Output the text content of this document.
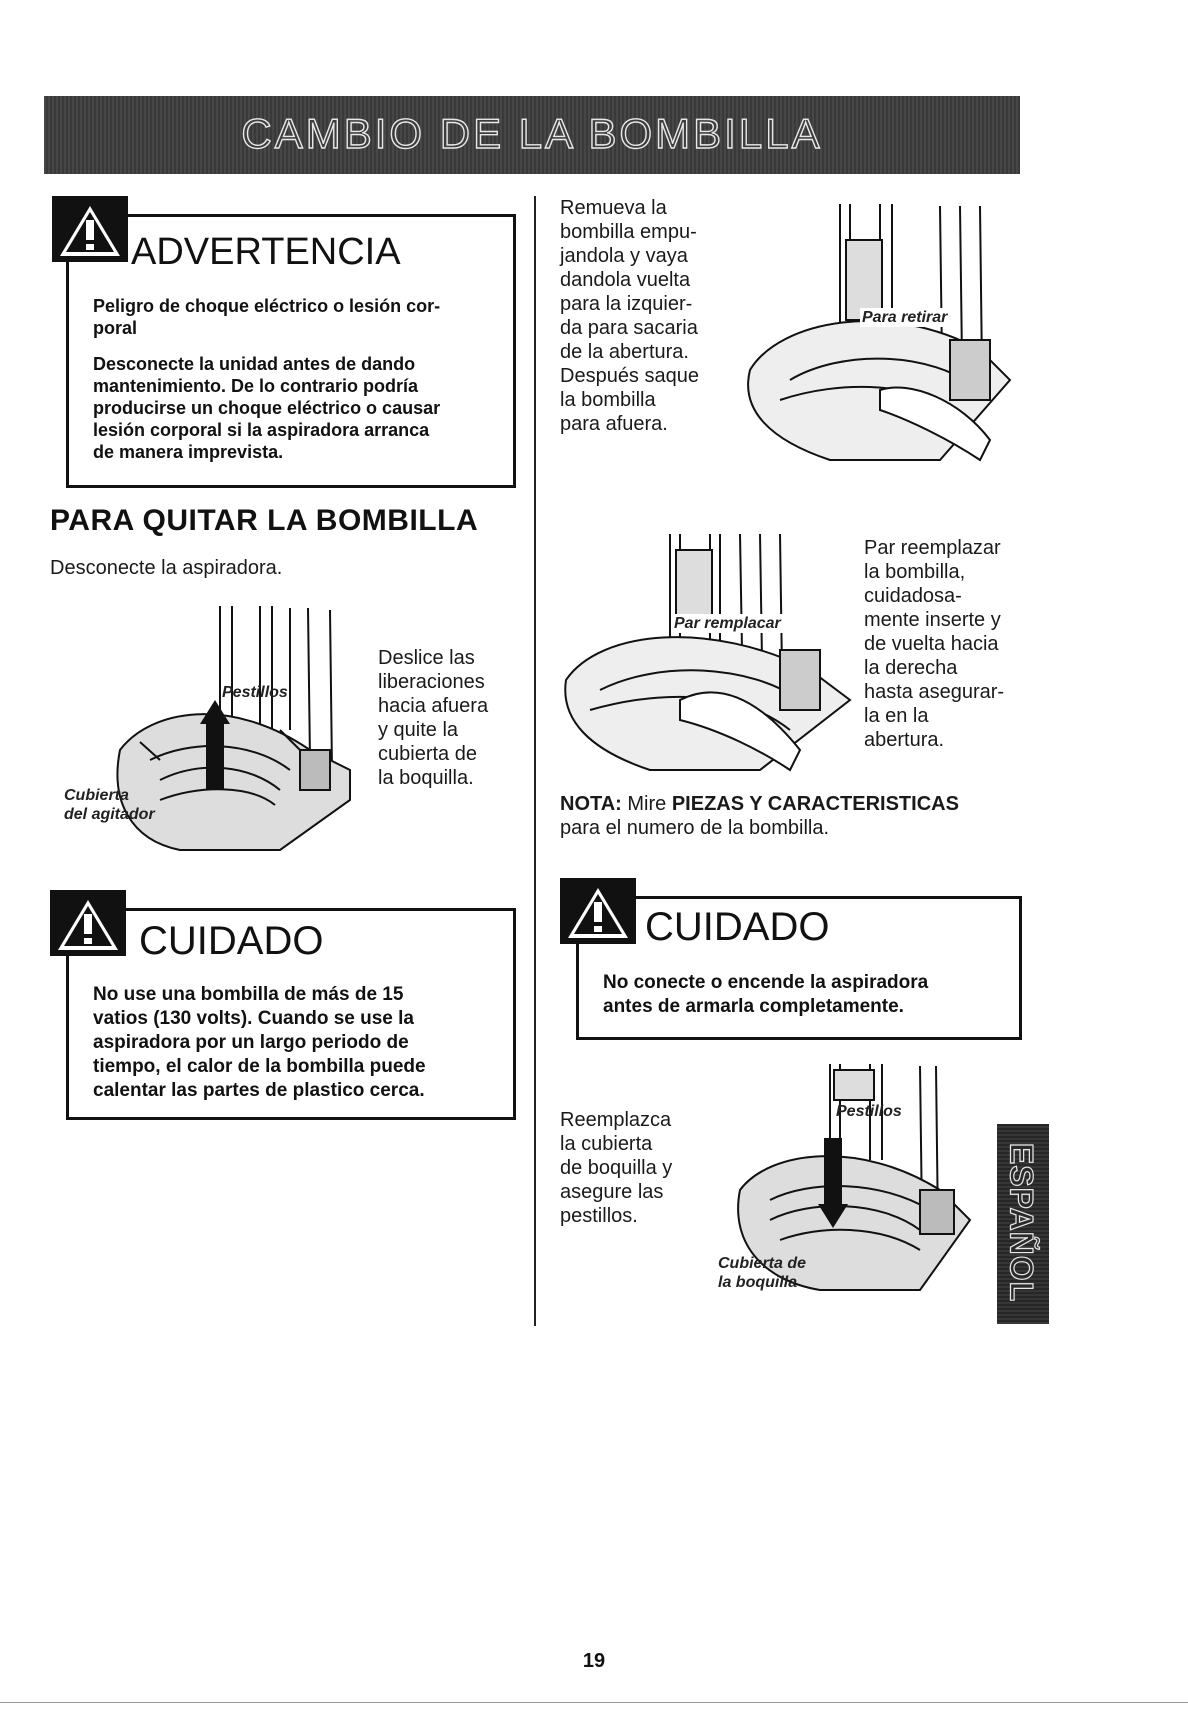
CAMBIO DE LA BOMBILLA
ADVERTENCIA
Peligro de choque eléctrico o lesión cor-
poral
Desconecte la unidad antes de dando
mantenimiento. De lo contrario podría
producirse un choque eléctrico o causar
lesión corporal si la aspiradora arranca
de manera imprevista.
PARA QUITAR LA BOMBILLA
Desconecte la aspiradora.
Pestillos
Cubierta
del agitador
Deslice las
liberaciones
hacia afuera
y quite la
cubierta de
la boquilla.
CUIDADO
No use una bombilla de más de 15
vatios (130 volts). Cuando se use la
aspiradora por un largo periodo de
tiempo, el calor de la bombilla puede
calentar las partes de plastico cerca.
Remueva la
bombilla empu-
jandola y vaya
dandola vuelta
para la izquier-
da para sacaria
de la abertura.
Después saque
la bombilla
para afuera.
Para retirar
Par remplacar
Par reemplazar
la bombilla,
cuidadosa-
mente inserte y
de vuelta hacia
la derecha
hasta asegurar-
la en la
abertura.
NOTA: Mire PIEZAS Y CARACTERISTICAS
para el numero de la bombilla.
CUIDADO
No conecte o encende la aspiradora
antes de armarla completamente.
Reemplazca
la cubierta
de boquilla y
asegure las
pestillos.
Pestillos
Cubierta de
la boquilla	ESPAÑOL
19
